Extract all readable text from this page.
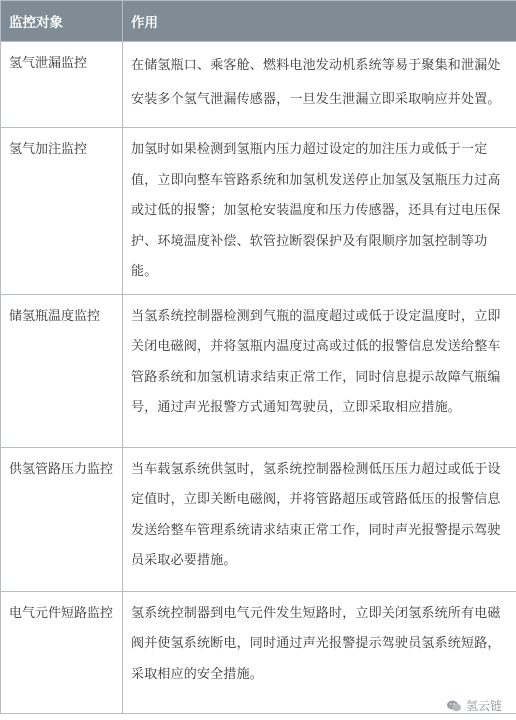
监控对象	作用
氢气泄漏监控	在储氢瓶口、乘客舱、燃料电池发动机系统等易于聚集和泄漏处安装多个氢气泄漏传感器，一旦发生泄漏立即采取响应并处置。
氢气加注监控	加氢时如果检测到氢瓶内压力超过设定的加注压力或低于一定值，立即向整车管路系统和加氢机发送停止加氢及氢瓶压力过高或过低的报警；加氢枪安装温度和压力传感器，还具有过电压保护、环境温度补偿、软管拉断裂保护及有限顺序加氢控制等功能。
储氢瓶温度监控	当氢系统控制器检测到气瓶的温度超过或低于设定温度时，立即关闭电磁阀，并将氢瓶内温度过高或过低的报警信息发送给整车管路系统和加氢机请求结束正常工作，同时信息提示故障气瓶编号，通过声光报警方式通知驾驶员，立即采取相应措施。
供氢管路压力监控	当车载氢系统供氢时，氢系统控制器检测低压压力超过或低于设定值时，立即关断电磁阀，并将管路超压或管路低压的报警信息发送给整车管理系统请求结束正常工作，同时声光报警提示驾驶员采取必要措施。
电气元件短路监控	氢系统控制器到电气元件发生短路时，立即关闭氢系统所有电磁阀并使氢系统断电，同时通过声光报警提示驾驶员氢系统短路，采取相应的安全措施。
氢云链
